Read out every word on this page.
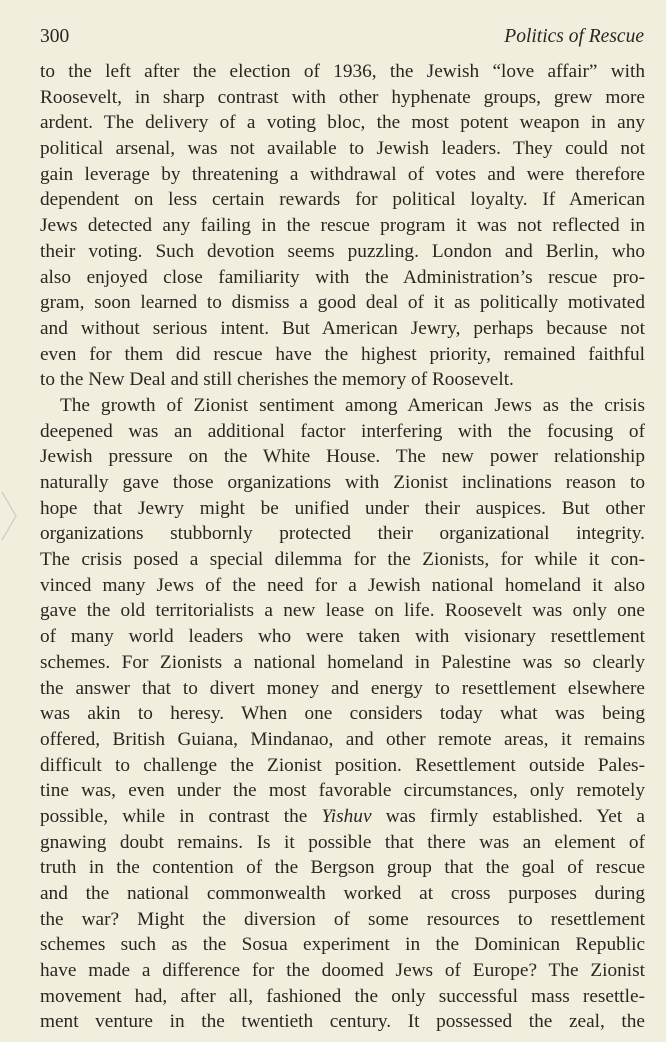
300	Politics of Rescue
to the left after the election of 1936, the Jewish “love affair” with
Roosevelt, in sharp contrast with other hyphenate groups, grew more
ardent. The delivery of a voting bloc, the most potent weapon in any
political arsenal, was not available to Jewish leaders. They could not
gain leverage by threatening a withdrawal of votes and were therefore
dependent on less certain rewards for political loyalty. If American
Jews detected any failing in the rescue program it was not reflected in
their voting. Such devotion seems puzzling. London and Berlin, who
also enjoyed close familiarity with the Administration’s rescue pro-
gram, soon learned to dismiss a good deal of it as politically motivated
and without serious intent. But American Jewry, perhaps because not
even for them did rescue have the highest priority, remained faithful
to the New Deal and still cherishes the memory of Roosevelt.
The growth of Zionist sentiment among American Jews as the crisis
deepened was an additional factor interfering with the focusing of
Jewish pressure on the White House. The new power relationship
naturally gave those organizations with Zionist inclinations reason to
hope that Jewry might be unified under their auspices. But other
organizations stubbornly protected their organizational integrity.
The crisis posed a special dilemma for the Zionists, for while it con-
vinced many Jews of the need for a Jewish national homeland it also
gave the old territorialists a new lease on life. Roosevelt was only one
of many world leaders who were taken with visionary resettlement
schemes. For Zionists a national homeland in Palestine was so clearly
the answer that to divert money and energy to resettlement elsewhere
was akin to heresy. When one considers today what was being
offered, British Guiana, Mindanao, and other remote areas, it remains
difficult to challenge the Zionist position. Resettlement outside Pales-
tine was, even under the most favorable circumstances, only remotely
possible, while in contrast the Yishuv was firmly established. Yet a
gnawing doubt remains. Is it possible that there was an element of
truth in the contention of the Bergson group that the goal of rescue
and the national commonwealth worked at cross purposes during
the war? Might the diversion of some resources to resettlement
schemes such as the Sosua experiment in the Dominican Republic
have made a difference for the doomed Jews of Europe? The Zionist
movement had, after all, fashioned the only successful mass resettle-
ment venture in the twentieth century. It possessed the zeal, the
